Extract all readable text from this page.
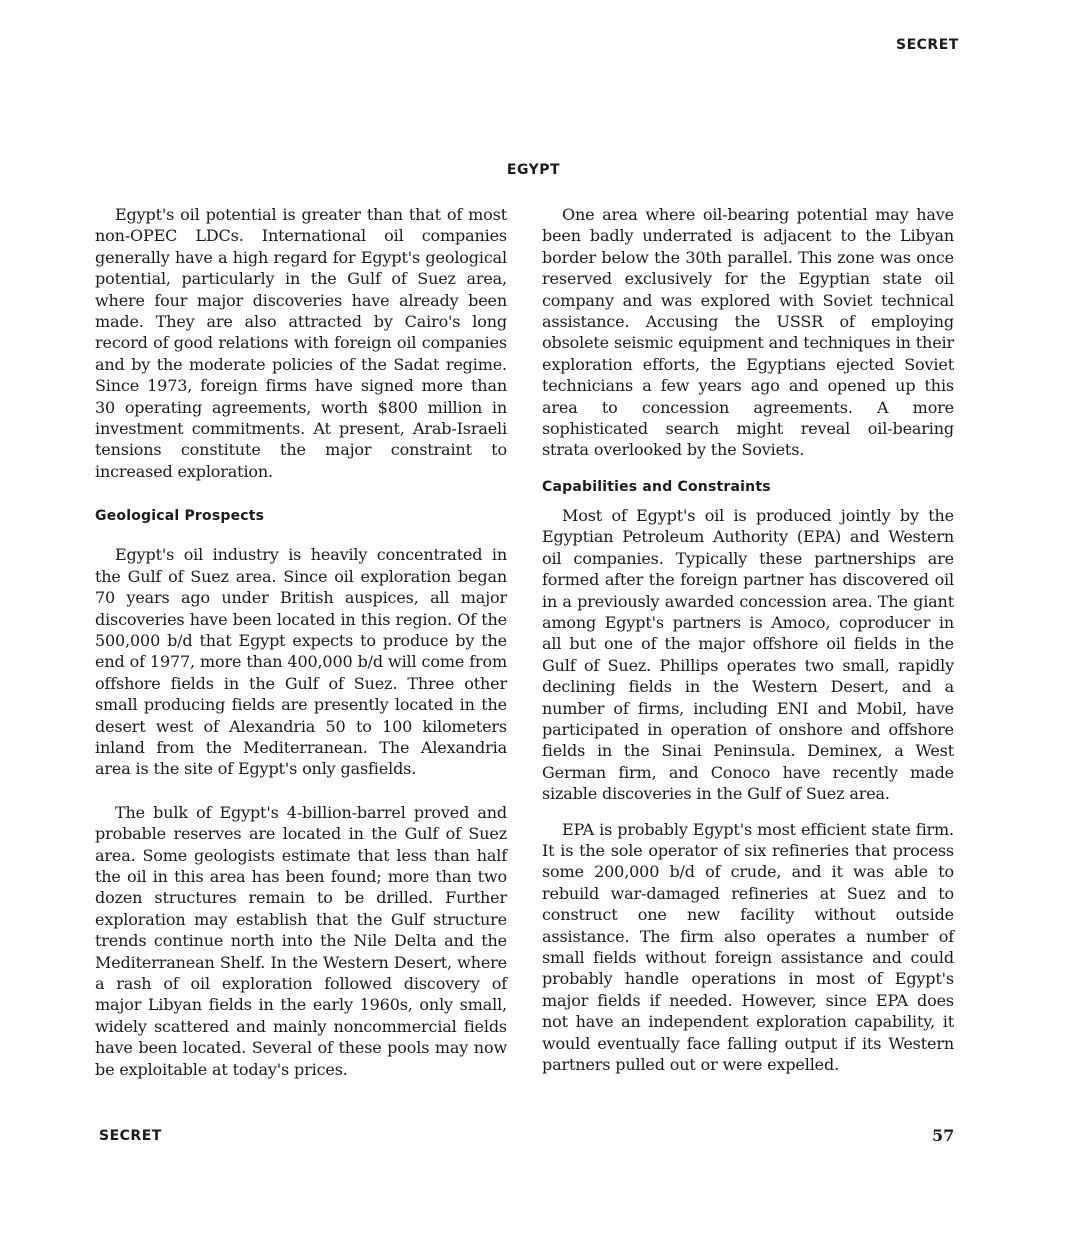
SECRET
EGYPT

Egypt's oil potential is greater than that of most non-OPEC LDCs. International oil companies generally have a high regard for Egypt's geological potential, particularly in the Gulf of Suez area, where four major discoveries have already been made. They are also attracted by Cairo's long record of good relations with foreign oil companies and by the moderate policies of the Sadat regime. Since 1973, foreign firms have signed more than 30 operating agreements, worth $800 million in investment commitments. At present, Arab-Israeli tensions constitute the major constraint to increased exploration.

Geological Prospects

Egypt's oil industry is heavily concentrated in the Gulf of Suez area. Since oil exploration began 70 years ago under British auspices, all major discoveries have been located in this region. Of the 500,000 b/d that Egypt expects to produce by the end of 1977, more than 400,000 b/d will come from offshore fields in the Gulf of Suez. Three other small producing fields are presently located in the desert west of Alexandria 50 to 100 kilometers inland from the Mediterranean. The Alexandria area is the site of Egypt's only gasfields.

The bulk of Egypt's 4-billion-barrel proved and probable reserves are located in the Gulf of Suez area. Some geologists estimate that less than half the oil in this area has been found; more than two dozen structures remain to be drilled. Further exploration may establish that the Gulf structure trends continue north into the Nile Delta and the Mediterranean Shelf. In the Western Desert, where a rash of oil exploration followed discovery of major Libyan fields in the early 1960s, only small, widely scattered and mainly noncommercial fields have been located. Several of these pools may now be exploitable at today's prices.

One area where oil-bearing potential may have been badly underrated is adjacent to the Libyan border below the 30th parallel. This zone was once reserved exclusively for the Egyptian state oil company and was explored with Soviet technical assistance. Accusing the USSR of employing obsolete seismic equipment and techniques in their exploration efforts, the Egyptians ejected Soviet technicians a few years ago and opened up this area to concession agreements. A more sophisticated search might reveal oil-bearing strata overlooked by the Soviets.

Capabilities and Constraints

Most of Egypt's oil is produced jointly by the Egyptian Petroleum Authority (EPA) and Western oil companies. Typically these partnerships are formed after the foreign partner has discovered oil in a previously awarded concession area. The giant among Egypt's partners is Amoco, coproducer in all but one of the major offshore oil fields in the Gulf of Suez. Phillips operates two small, rapidly declining fields in the Western Desert, and a number of firms, including ENI and Mobil, have participated in operation of onshore and offshore fields in the Sinai Peninsula. Deminex, a West German firm, and Conoco have recently made sizable discoveries in the Gulf of Suez area.

EPA is probably Egypt's most efficient state firm. It is the sole operator of six refineries that process some 200,000 b/d of crude, and it was able to rebuild war-damaged refineries at Suez and to construct one new facility without outside assistance. The firm also operates a number of small fields without foreign assistance and could probably handle operations in most of Egypt's major fields if needed. However, since EPA does not have an independent exploration capability, it would eventually face falling output if its Western partners pulled out or were expelled.

SECRET	57
